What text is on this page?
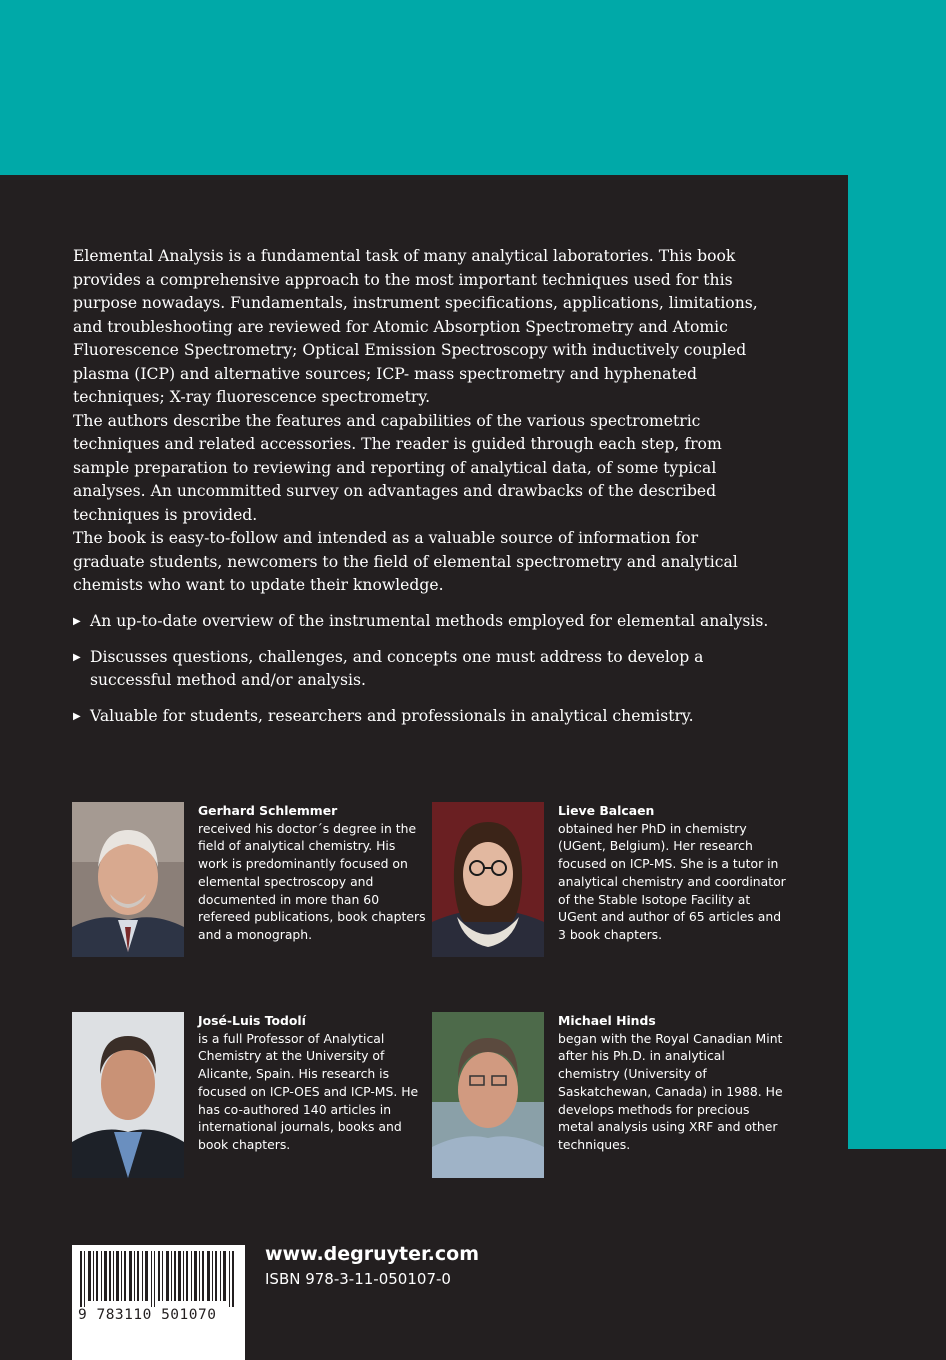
Elemental Analysis is a fundamental task of many analytical laboratories. This book provides a comprehensive approach to the most important techniques used for this purpose nowadays. Fundamentals, instrument specifications, applications, limitations, and troubleshooting are reviewed for Atomic Absorption Spectrometry and Atomic Fluorescence Spectrometry; Optical Emission Spectroscopy with inductively coupled plasma (ICP) and alternative sources; ICP- mass spectrometry and hyphenated techniques; X-ray fluorescence spectrometry.

The authors describe the features and capabilities of the various spectrometric techniques and related accessories. The reader is guided through each step, from sample preparation to reviewing and reporting of analytical data, of some typical analyses. An uncommitted survey on advantages and drawbacks of the described techniques is provided.

The book is easy-to-follow and intended as a valuable source of information for graduate students, newcomers to the field of elemental spectrometry and analytical chemists who want to update their knowledge.

▶ An up-to-date overview of the instrumental methods employed for elemental analysis.
▶ Discusses questions, challenges, and concepts one must address to develop a successful method and/or analysis.
▶ Valuable for students, researchers and professionals in analytical chemistry.
Gerhard Schlemmer
received his doctor´s degree in the field of analytical chemistry. His work is predominantly focused on elemental spectroscopy and documented in more than 60 refereed publications, book chapters and a monograph.
Lieve Balcaen
obtained her PhD in chemistry (UGent, Belgium). Her research focused on ICP-MS. She is a tutor in analytical chemistry and coordinator of the Stable Isotope Facility at UGent and author of 65 articles and 3 book chapters.
José-Luis Todolí
is a full Professor of Analytical Chemistry at the University of Alicante, Spain. His research is focused on ICP-OES and ICP-MS. He has co-authored 140 articles in international journals, books and book chapters.
Michael Hinds
began with the Royal Canadian Mint after his Ph.D. in analytical chemistry (University of Saskatchewan, Canada) in 1988. He develops methods for precious metal analysis using XRF and other techniques.
9 783110 501070
www.degruyter.com
ISBN 978-3-11-050107-0
